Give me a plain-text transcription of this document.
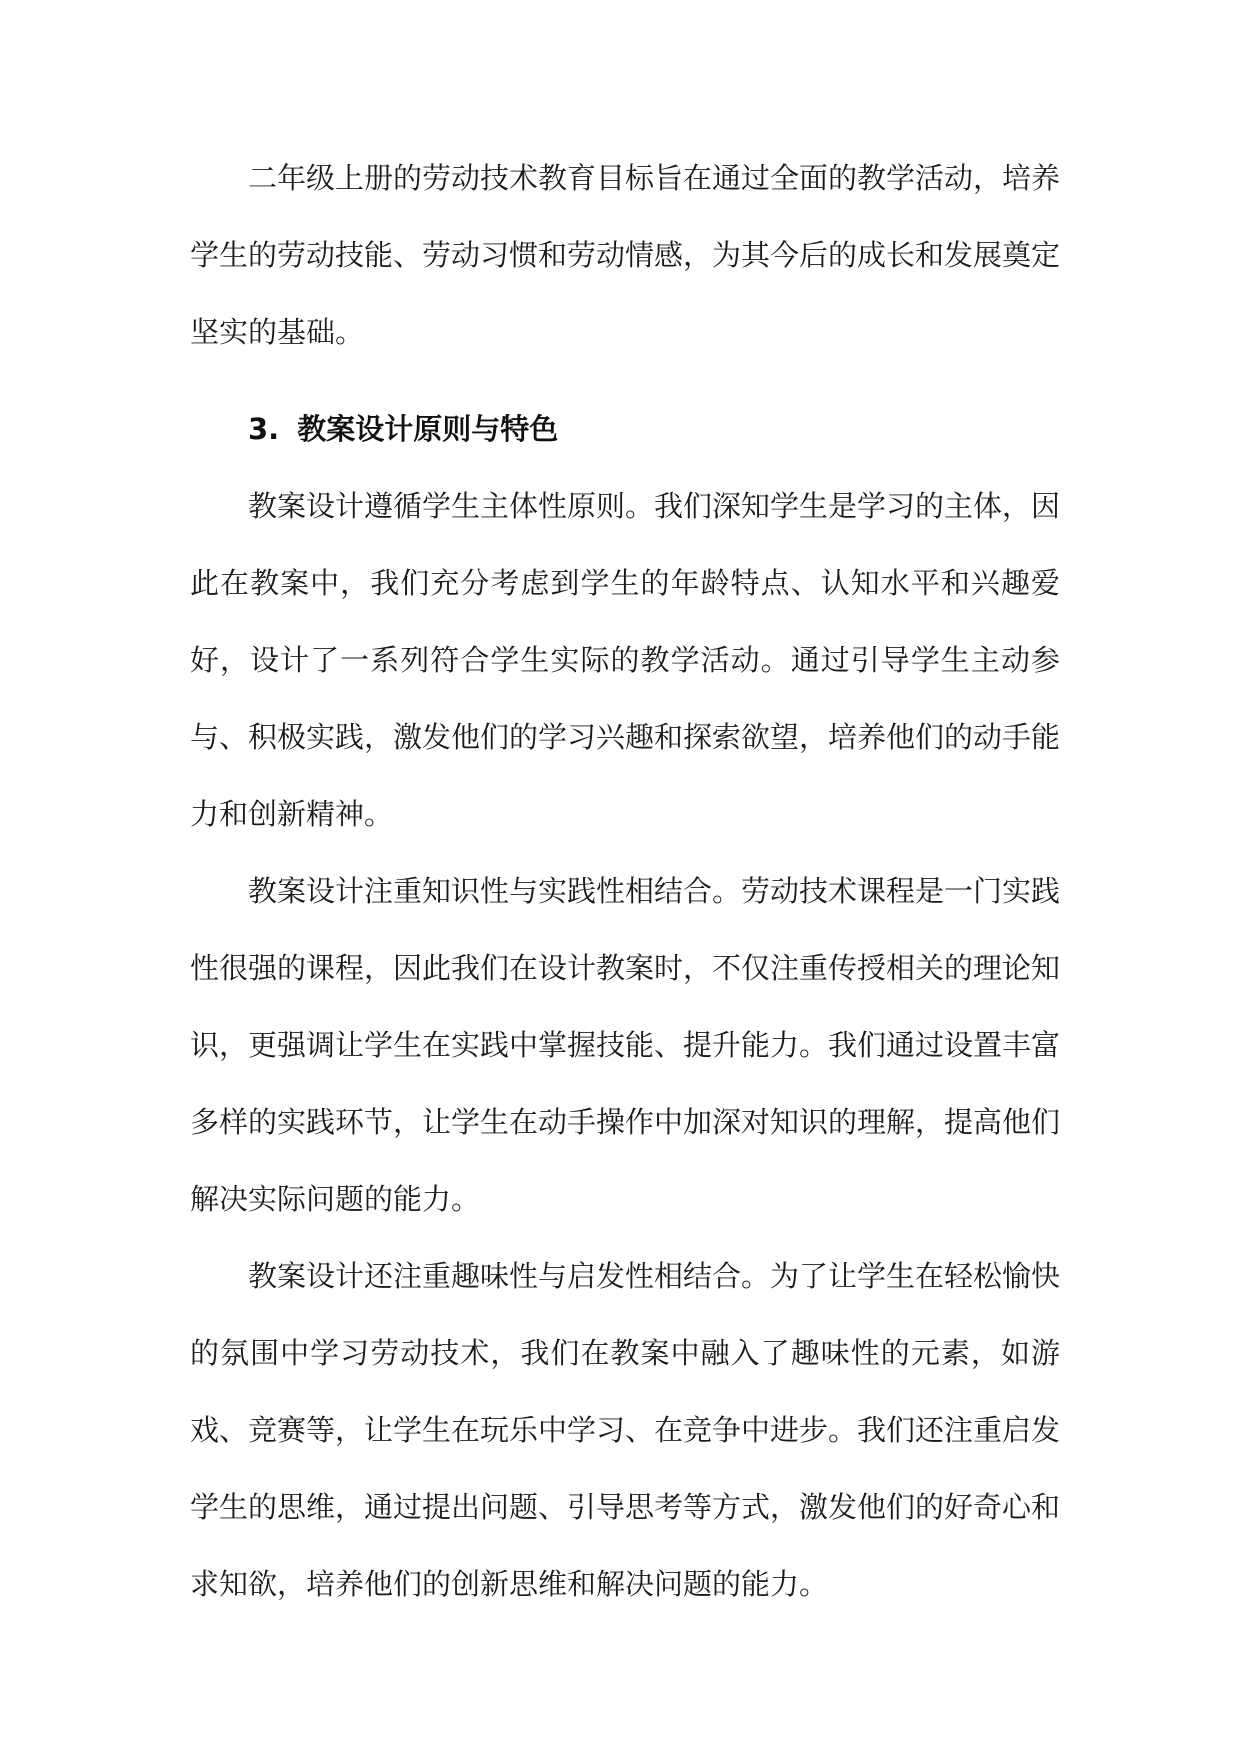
二年级上册的劳动技术教育目标旨在通过全面的教学活动，培养学生的劳动技能、劳动习惯和劳动情感，为其今后的成长和发展奠定坚实的基础。

3. 教案设计原则与特色

教案设计遵循学生主体性原则。我们深知学生是学习的主体，因此在教案中，我们充分考虑到学生的年龄特点、认知水平和兴趣爱好，设计了一系列符合学生实际的教学活动。通过引导学生主动参与、积极实践，激发他们的学习兴趣和探索欲望，培养他们的动手能力和创新精神。

教案设计注重知识性与实践性相结合。劳动技术课程是一门实践性很强的课程，因此我们在设计教案时，不仅注重传授相关的理论知识，更强调让学生在实践中掌握技能、提升能力。我们通过设置丰富多样的实践环节，让学生在动手操作中加深对知识的理解，提高他们解决实际问题的能力。

教案设计还注重趣味性与启发性相结合。为了让学生在轻松愉快的氛围中学习劳动技术，我们在教案中融入了趣味性的元素，如游戏、竞赛等，让学生在玩乐中学习、在竞争中进步。我们还注重启发学生的思维，通过提出问题、引导思考等方式，激发他们的好奇心和求知欲，培养他们的创新思维和解决问题的能力。
